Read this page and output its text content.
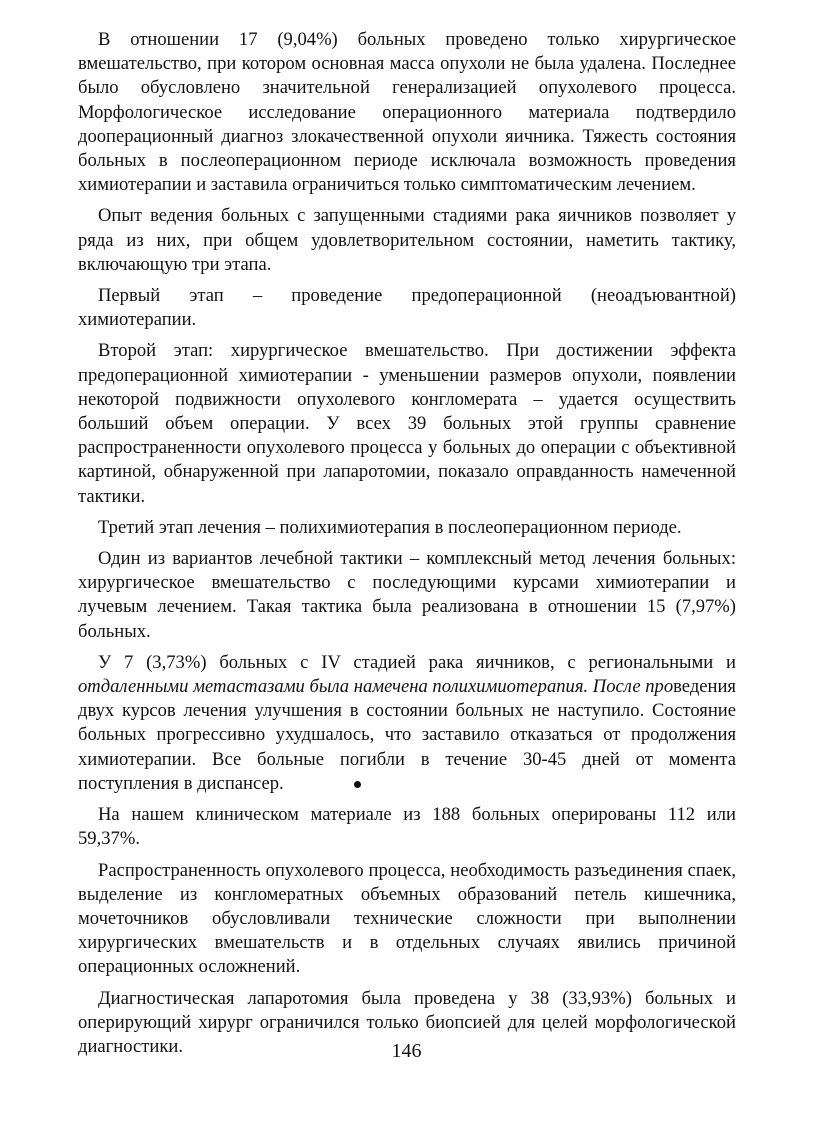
В отношении 17 (9,04%) больных проведено только хирургическое вмешательство, при котором основная масса опухоли не была удалена. Последнее было обусловлено значительной генерализацией опухолевого процесса. Морфологическое исследование операционного материала подтвердило дооперационный диагноз злокачественной опухоли яичника. Тяжесть состояния больных в послеоперационном периоде исключала возможность проведения химиотерапии и заставила ограничиться только симптоматическим лечением.

Опыт ведения больных с запущенными стадиями рака яичников позволяет у ряда из них, при общем удовлетворительном состоянии, наметить тактику, включающую три этапа.

Первый этап – проведение предоперационной (неоадъювантной) химиотерапии.

Второй этап: хирургическое вмешательство. При достижении эффекта предоперационной химиотерапии - уменьшении размеров опухоли, появлении некоторой подвижности опухолевого конгломерата – удается осуществить больший объем операции. У всех 39 больных этой группы сравнение распространенности опухолевого процесса у больных до операции с объективной картиной, обнаруженной при лапаротомии, показало оправданность намеченной тактики.

Третий этап лечения – полихимиотерапия в послеоперационном периоде.

Один из вариантов лечебной тактики – комплексный метод лечения больных: хирургическое вмешательство с последующими курсами химиотерапии и лучевым лечением. Такая тактика была реализована в отношении 15 (7,97%) больных.

У 7 (3,73%) больных с IV стадией рака яичников, с региональными и отдаленными метастазами была намечена полихимиотерапия. После проведения двух курсов лечения улучшения в состоянии больных не наступило. Состояние больных прогрессивно ухудшалось, что заставило отказаться от продолжения химиотерапии. Все больные погибли в течение 30-45 дней от момента поступления в диспансер.

На нашем клиническом материале из 188 больных оперированы 112 или 59,37%.

Распространенность опухолевого процесса, необходимость разъединения спаек, выделение из конгломератных объемных образований петель кишечника, мочеточников обусловливали технические сложности при выполнении хирургических вмешательств и в отдельных случаях явились причиной операционных осложнений.

Диагностическая лапаротомия была проведена у 38 (33,93%) больных и оперирующий хирург ограничился только биопсией для целей морфологической диагностики.	146
